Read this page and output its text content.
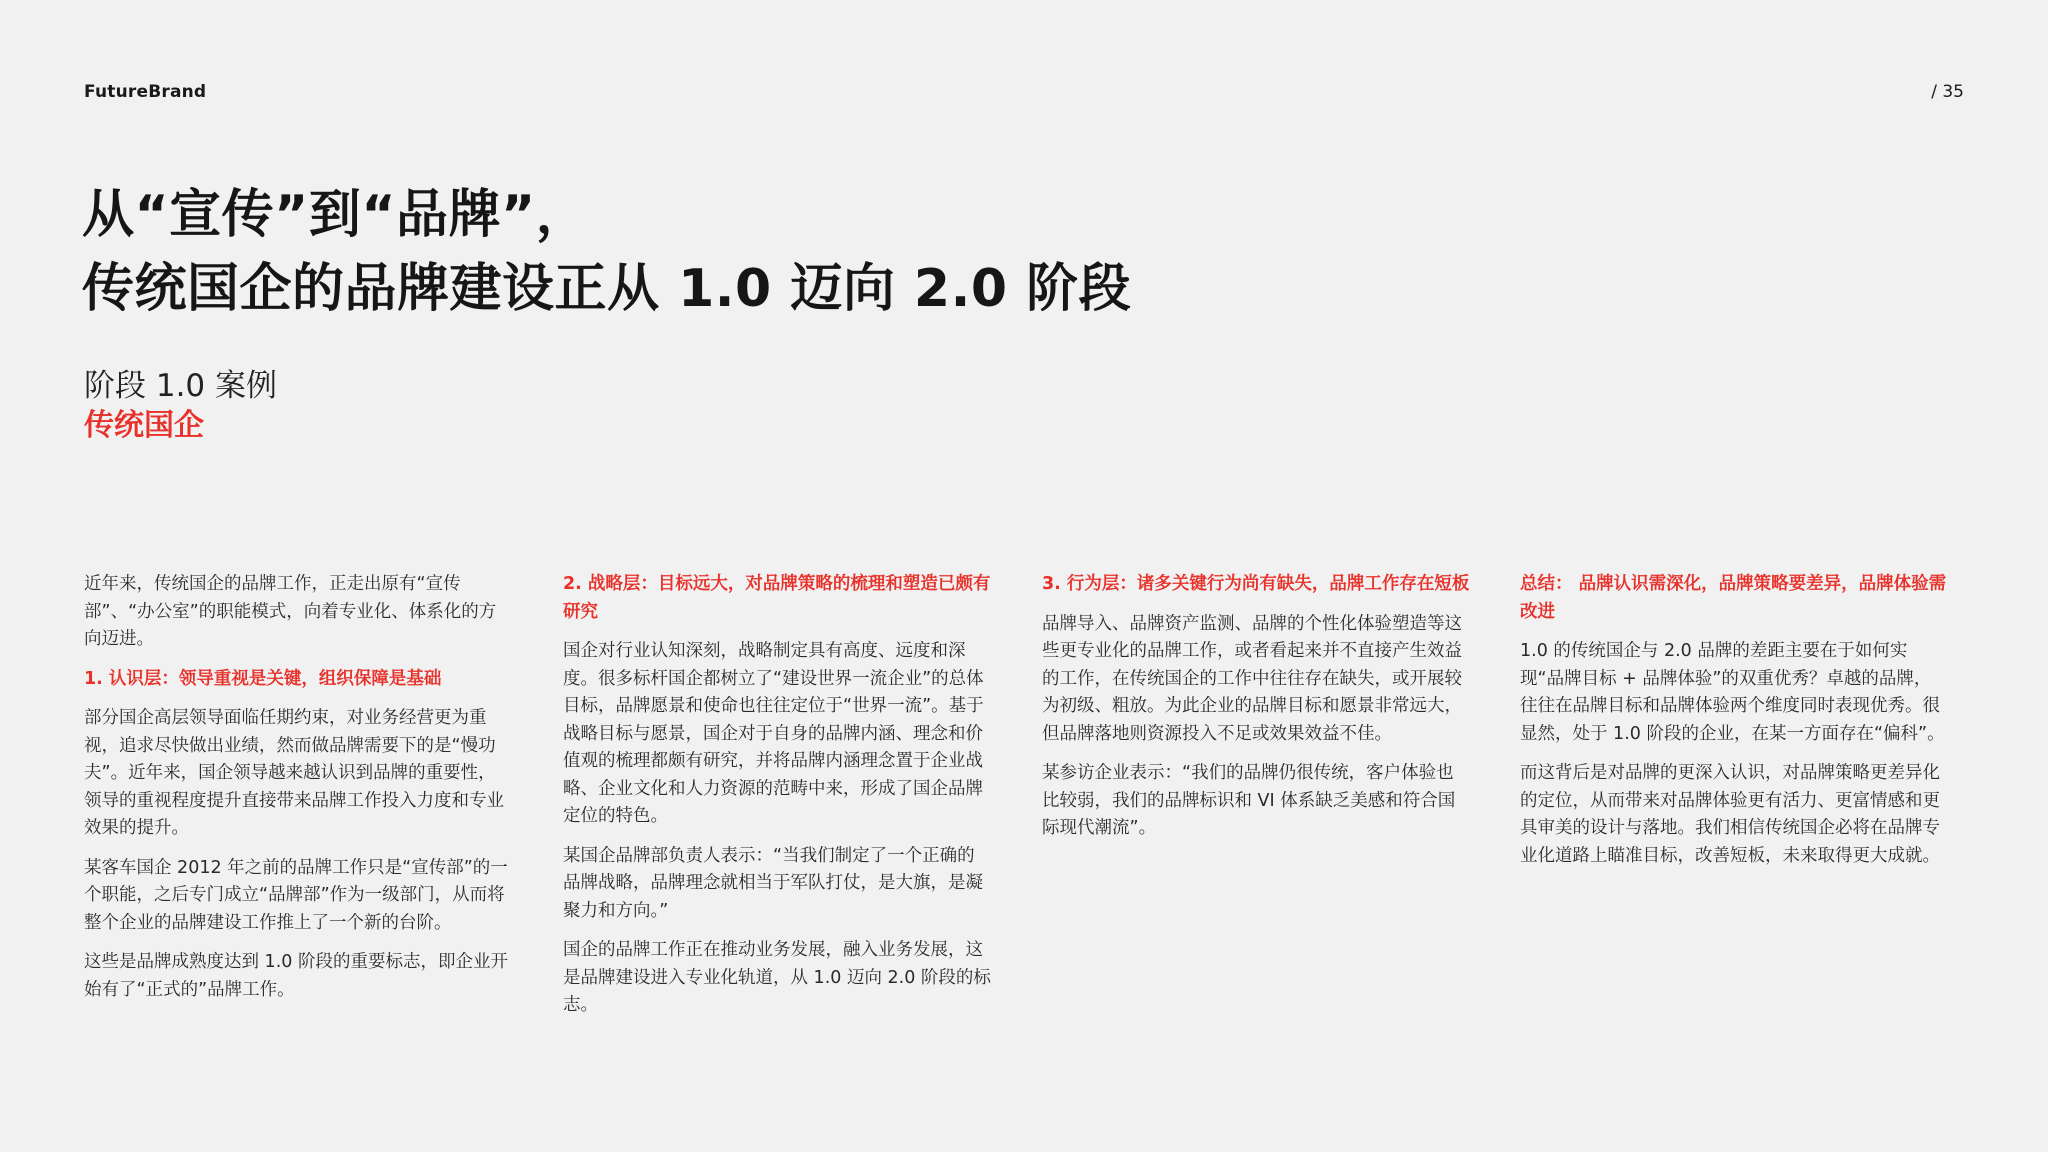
FutureBrand	/ 35
从“宣传”到“品牌”，
传统国企的品牌建设正从 1.0 迈向 2.0 阶段
阶段 1.0 案例
传统国企

近年来，传统国企的品牌工作，正走出原有“宣传部”、“办公室”的职能模式，向着专业化、体系化的方向迈进。

1. 认识层：领导重视是关键，组织保障是基础

部分国企高层领导面临任期约束，对业务经营更为重视，追求尽快做出业绩，然而做品牌需要下的是“慢功夫”。近年来，国企领导越来越认识到品牌的重要性，领导的重视程度提升直接带来品牌工作投入力度和专业效果的提升。

某客车国企 2012 年之前的品牌工作只是“宣传部”的一个职能，之后专门成立“品牌部”作为一级部门，从而将整个企业的品牌建设工作推上了一个新的台阶。

这些是品牌成熟度达到 1.0 阶段的重要标志，即企业开始有了“正式的”品牌工作。

2. 战略层：目标远大，对品牌策略的梳理和塑造已颇有研究

国企对行业认知深刻，战略制定具有高度、远度和深度。很多标杆国企都树立了“建设世界一流企业”的总体目标，品牌愿景和使命也往往定位于“世界一流”。基于战略目标与愿景，国企对于自身的品牌内涵、理念和价值观的梳理都颇有研究，并将品牌内涵理念置于企业战略、企业文化和人力资源的范畴中来，形成了国企品牌定位的特色。

某国企品牌部负责人表示：“当我们制定了一个正确的品牌战略，品牌理念就相当于军队打仗，是大旗，是凝聚力和方向。”

国企的品牌工作正在推动业务发展，融入业务发展，这是品牌建设进入专业化轨道，从 1.0 迈向 2.0 阶段的标志。

3. 行为层：诸多关键行为尚有缺失，品牌工作存在短板

品牌导入、品牌资产监测、品牌的个性化体验塑造等这些更专业化的品牌工作，或者看起来并不直接产生效益的工作，在传统国企的工作中往往存在缺失，或开展较为初级、粗放。为此企业的品牌目标和愿景非常远大，但品牌落地则资源投入不足或效果效益不佳。

某参访企业表示：“我们的品牌仍很传统，客户体验也比较弱，我们的品牌标识和 VI 体系缺乏美感和符合国际现代潮流”。

总结： 品牌认识需深化，品牌策略要差异，品牌体验需改进

1.0 的传统国企与 2.0 品牌的差距主要在于如何实现“品牌目标 + 品牌体验”的双重优秀？卓越的品牌，往往在品牌目标和品牌体验两个维度同时表现优秀。很显然，处于 1.0 阶段的企业，在某一方面存在“偏科”。

而这背后是对品牌的更深入认识，对品牌策略更差异化的定位，从而带来对品牌体验更有活力、更富情感和更具审美的设计与落地。我们相信传统国企必将在品牌专业化道路上瞄准目标，改善短板，未来取得更大成就。
